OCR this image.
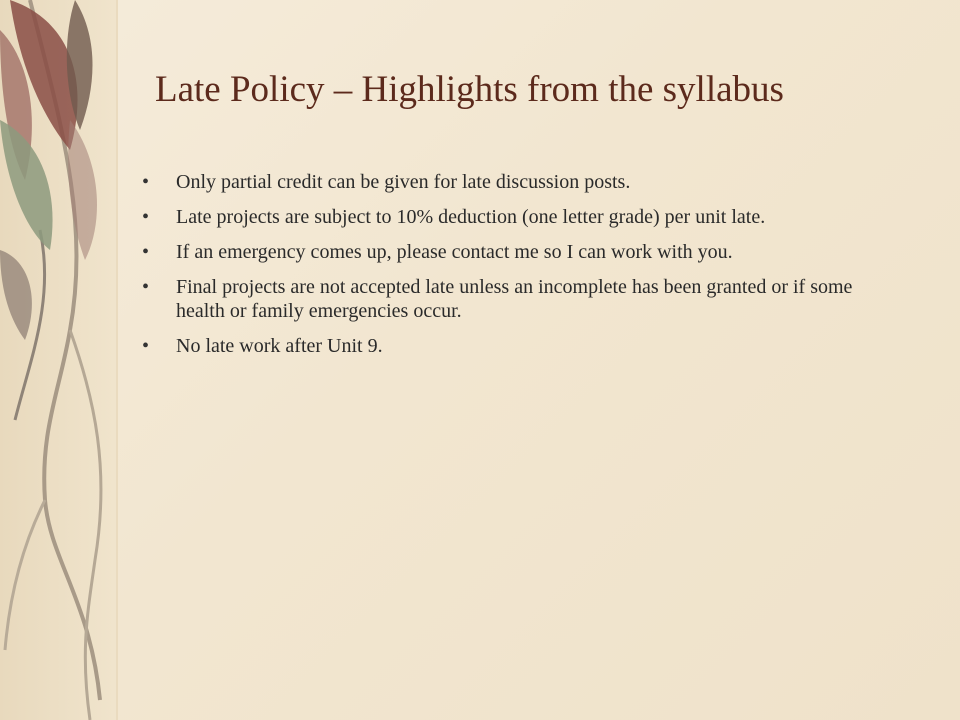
Late Policy – Highlights from the syllabus
•	Only partial credit can be given for late discussion posts.
•	Late projects are subject to 10% deduction (one letter grade) per unit late.
•	If an emergency comes up, please contact me so I can work with you.
•	Final projects are not accepted late unless an incomplete has been granted or if some health or family emergencies occur.
•	No late work after Unit 9.
